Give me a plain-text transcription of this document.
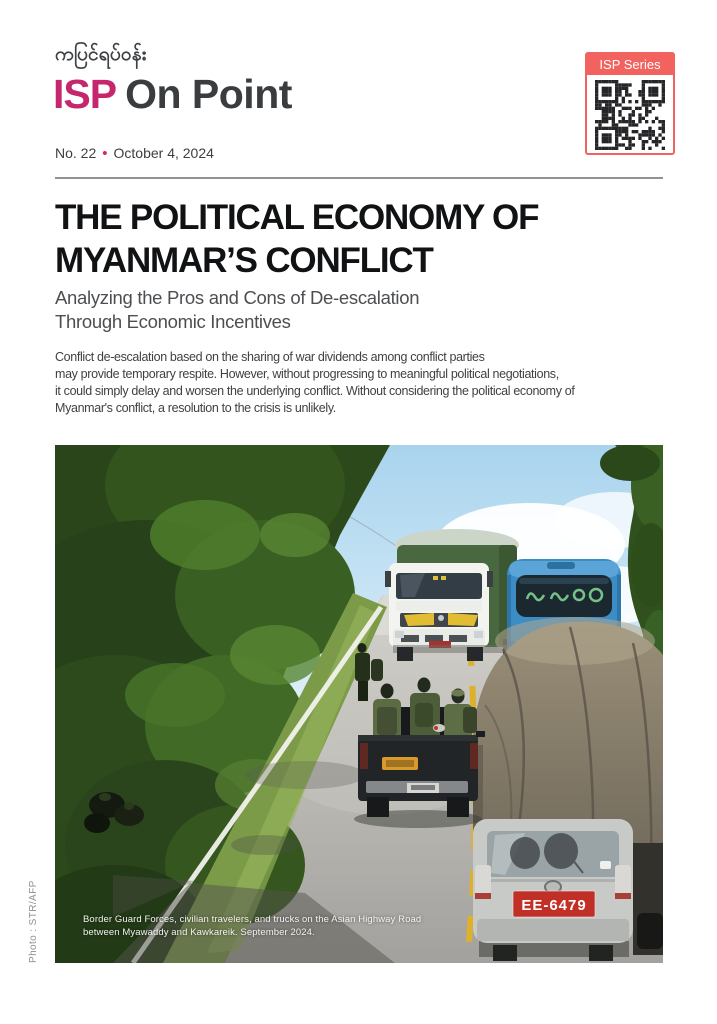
ကပြင်ရပ်ဝန်း
ISP On Point
No. 22 • October 4, 2024
ISP Series
THE POLITICAL ECONOMY OF
MYANMAR’S CONFLICT
Analyzing the Pros and Cons of De-escalation
Through Economic Incentives
Conflict de-escalation based on the sharing of war dividends among conflict parties
may provide temporary respite. However, without progressing to meaningful political negotiations,
it could simply delay and worsen the underlying conflict. Without considering the political economy of
Myanmar's conflict, a resolution to the crisis is unlikely.
EE-6479
Border Guard Forces, civilian travelers, and trucks on the Asian Highway Road
between Myawaddy and Kawkareik. September 2024.
Photo : STR/AFP
